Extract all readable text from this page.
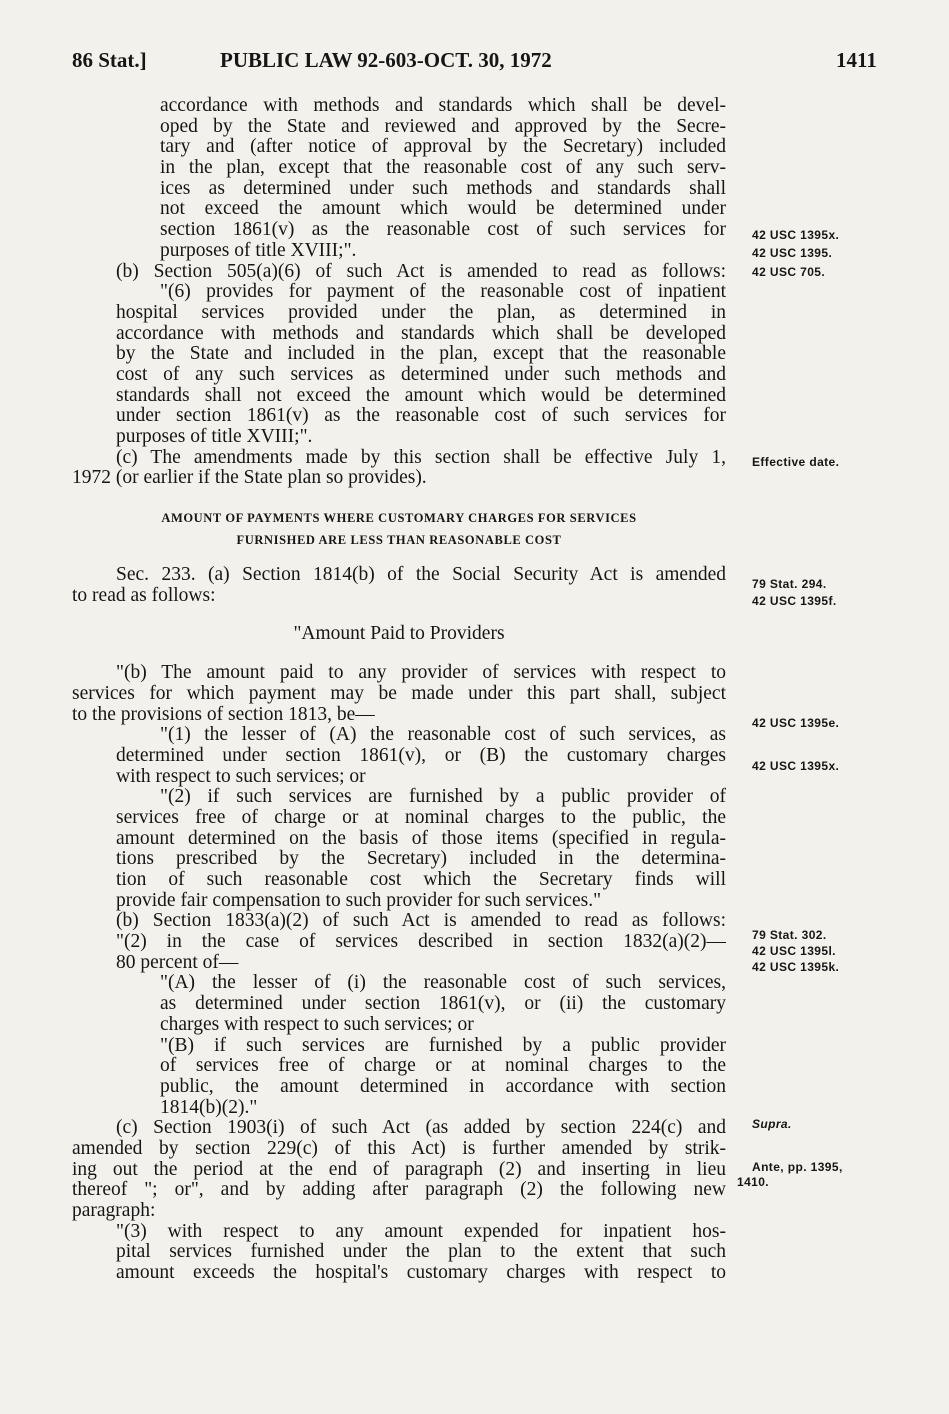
86 Stat.]	PUBLIC LAW 92-603-OCT. 30, 1972	1411
accordance with methods and standards which shall be devel-
oped by the State and reviewed and approved by the Secre-
tary and (after notice of approval by the Secretary) included
in the plan, except that the reasonable cost of any such serv-
ices as determined under such methods and standards shall
not exceed the amount which would be determined under
section 1861(v) as the reasonable cost of such services for
purposes of title XVIII;".
(b) Section 505(a)(6) of such Act is amended to read as follows:
"(6) provides for payment of the reasonable cost of inpatient
hospital services provided under the plan, as determined in
accordance with methods and standards which shall be developed
by the State and included in the plan, except that the reasonable
cost of any such services as determined under such methods and
standards shall not exceed the amount which would be determined
under section 1861(v) as the reasonable cost of such services for
purposes of title XVIII;".
(c) The amendments made by this section shall be effective July 1,
1972 (or earlier if the State plan so provides).
AMOUNT OF PAYMENTS WHERE CUSTOMARY CHARGES FOR SERVICES
FURNISHED ARE LESS THAN REASONABLE COST
Sec. 233. (a) Section 1814(b) of the Social Security Act is amended
to read as follows:
"Amount Paid to Providers
"(b) The amount paid to any provider of services with respect to
services for which payment may be made under this part shall, subject
to the provisions of section 1813, be—
"(1) the lesser of (A) the reasonable cost of such services, as
determined under section 1861(v), or (B) the customary charges
with respect to such services; or
"(2) if such services are furnished by a public provider of
services free of charge or at nominal charges to the public, the
amount determined on the basis of those items (specified in regula-
tions prescribed by the Secretary) included in the determina-
tion of such reasonable cost which the Secretary finds will
provide fair compensation to such provider for such services."
(b) Section 1833(a)(2) of such Act is amended to read as follows:
"(2) in the case of services described in section 1832(a)(2)—
80 percent of—
"(A) the lesser of (i) the reasonable cost of such services,
as determined under section 1861(v), or (ii) the customary
charges with respect to such services; or
"(B) if such services are furnished by a public provider
of services free of charge or at nominal charges to the
public, the amount determined in accordance with section
1814(b)(2)."
(c) Section 1903(i) of such Act (as added by section 224(c) and
amended by section 229(c) of this Act) is further amended by strik-
ing out the period at the end of paragraph (2) and inserting in lieu
thereof "; or", and by adding after paragraph (2) the following new
paragraph:
"(3) with respect to any amount expended for inpatient hos-
pital services furnished under the plan to the extent that such
amount exceeds the hospital's customary charges with respect to
42 USC 1395x.
42 USC 1395.
42 USC 705.
Effective date.
79 Stat. 294.
42 USC 1395f.
42 USC 1395e.
42 USC 1395x.
79 Stat. 302.
42 USC 1395l.
42 USC 1395k.
Supra.
Ante, pp. 1395,
1410.
